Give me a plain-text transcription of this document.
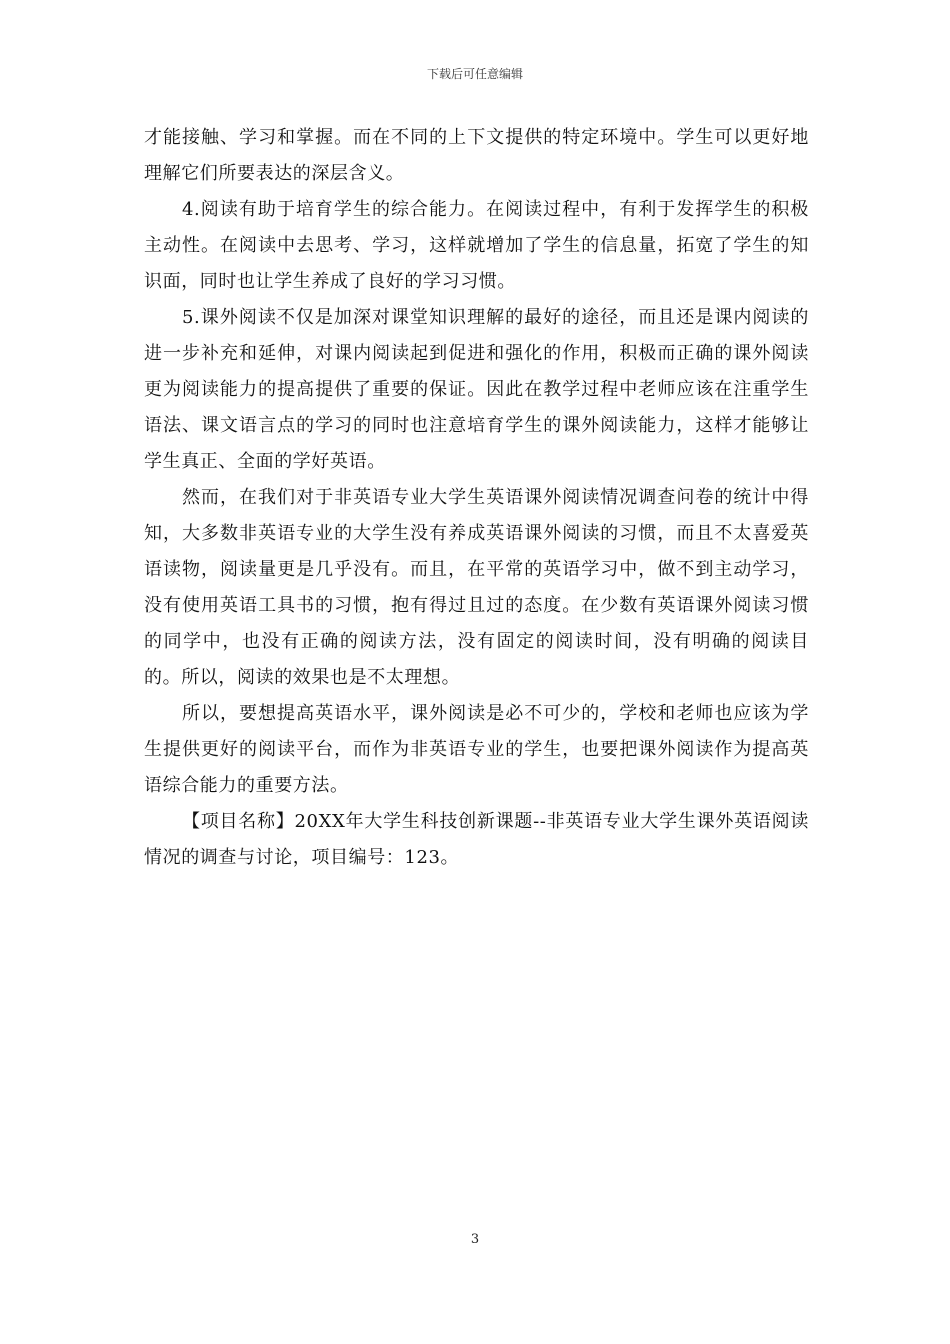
下载后可任意编辑

才能接触、学习和掌握。而在不同的上下文提供的特定环境中。学生可以更好地理解它们所要表达的深层含义。

4.阅读有助于培育学生的综合能力。在阅读过程中，有利于发挥学生的积极主动性。在阅读中去思考、学习，这样就增加了学生的信息量，拓宽了学生的知识面，同时也让学生养成了良好的学习习惯。

5.课外阅读不仅是加深对课堂知识理解的最好的途径，而且还是课内阅读的进一步补充和延伸，对课内阅读起到促进和强化的作用，积极而正确的课外阅读更为阅读能力的提高提供了重要的保证。因此在教学过程中老师应该在注重学生语法、课文语言点的学习的同时也注意培育学生的课外阅读能力，这样才能够让学生真正、全面的学好英语。

然而，在我们对于非英语专业大学生英语课外阅读情况调查问卷的统计中得知，大多数非英语专业的大学生没有养成英语课外阅读的习惯，而且不太喜爱英语读物，阅读量更是几乎没有。而且，在平常的英语学习中，做不到主动学习，没有使用英语工具书的习惯，抱有得过且过的态度。在少数有英语课外阅读习惯的同学中，也没有正确的阅读方法，没有固定的阅读时间，没有明确的阅读目的。所以，阅读的效果也是不太理想。

所以，要想提高英语水平，课外阅读是必不可少的，学校和老师也应该为学生提供更好的阅读平台，而作为非英语专业的学生，也要把课外阅读作为提高英语综合能力的重要方法。

【项目名称】20XX年大学生科技创新课题--非英语专业大学生课外英语阅读情况的调查与讨论，项目编号：123。

3
